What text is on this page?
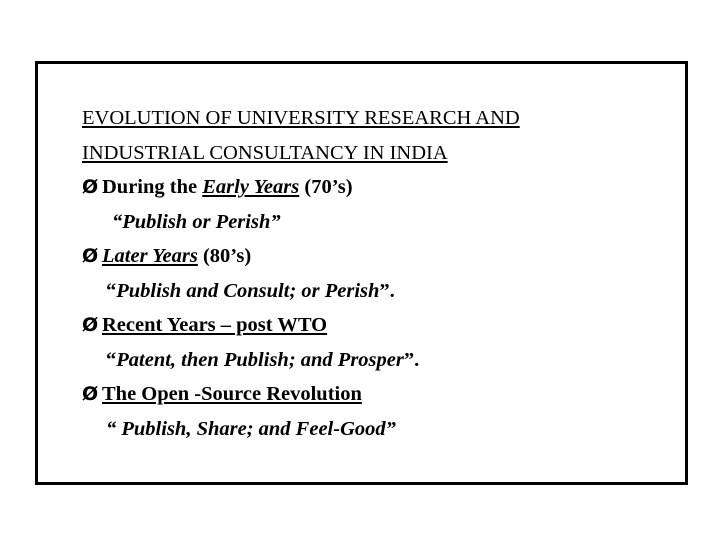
EVOLUTION OF UNIVERSITY RESEARCH AND
INDUSTRIAL CONSULTANCY IN INDIA
Ø During the Early Years (70’s)
“Publish or Perish”
Ø Later Years (80’s)
“Publish and Consult; or Perish”.
Ø Recent Years – post WTO
“Patent, then Publish; and Prosper”.
Ø The Open -Source Revolution
“ Publish, Share; and Feel-Good”
